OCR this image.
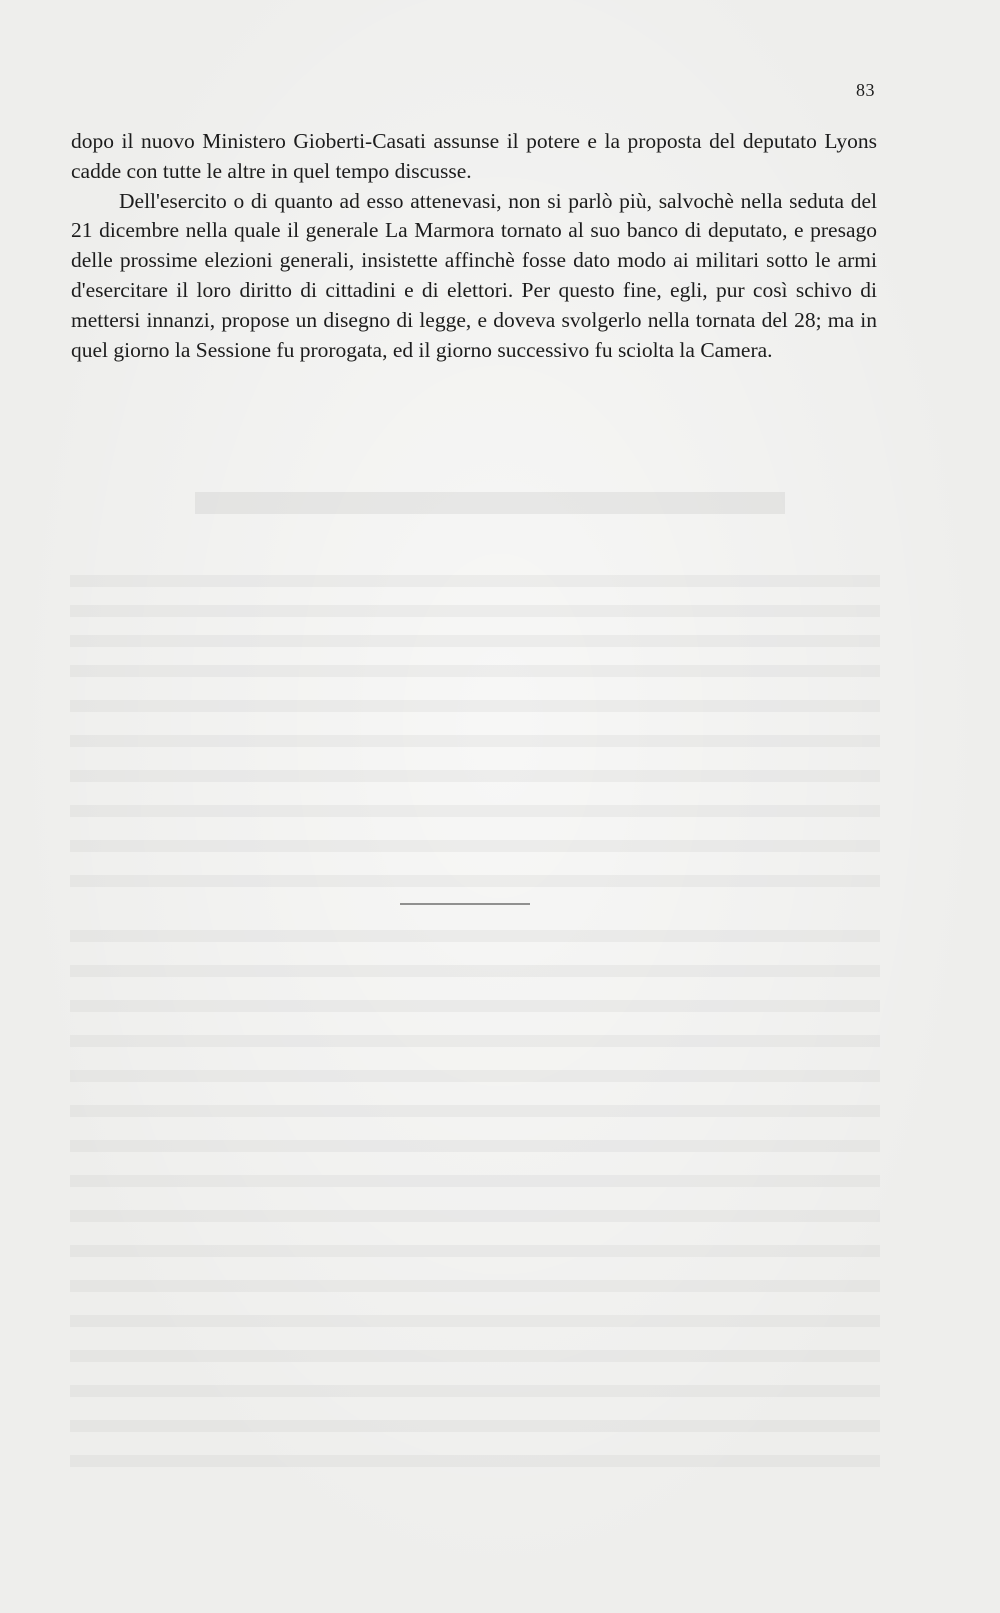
83

dopo il nuovo Ministero Gioberti-Casati assunse il potere e la proposta del deputato Lyons cadde con tutte le altre in quel tempo discusse.

Dell'esercito o di quanto ad esso attenevasi, non si parlò più, salvochè nella seduta del 21 dicembre nella quale il generale La Marmora tornato al suo banco di deputato, e presago delle prossime elezioni generali, insistette affinchè fosse dato modo ai militari sotto le armi d'esercitare il loro diritto di cittadini e di elettori. Per questo fine, egli, pur così schivo di mettersi innanzi, propose un disegno di legge, e doveva svolgerlo nella tornata del 28; ma in quel giorno la Sessione fu prorogata, ed il giorno successivo fu sciolta la Camera.
